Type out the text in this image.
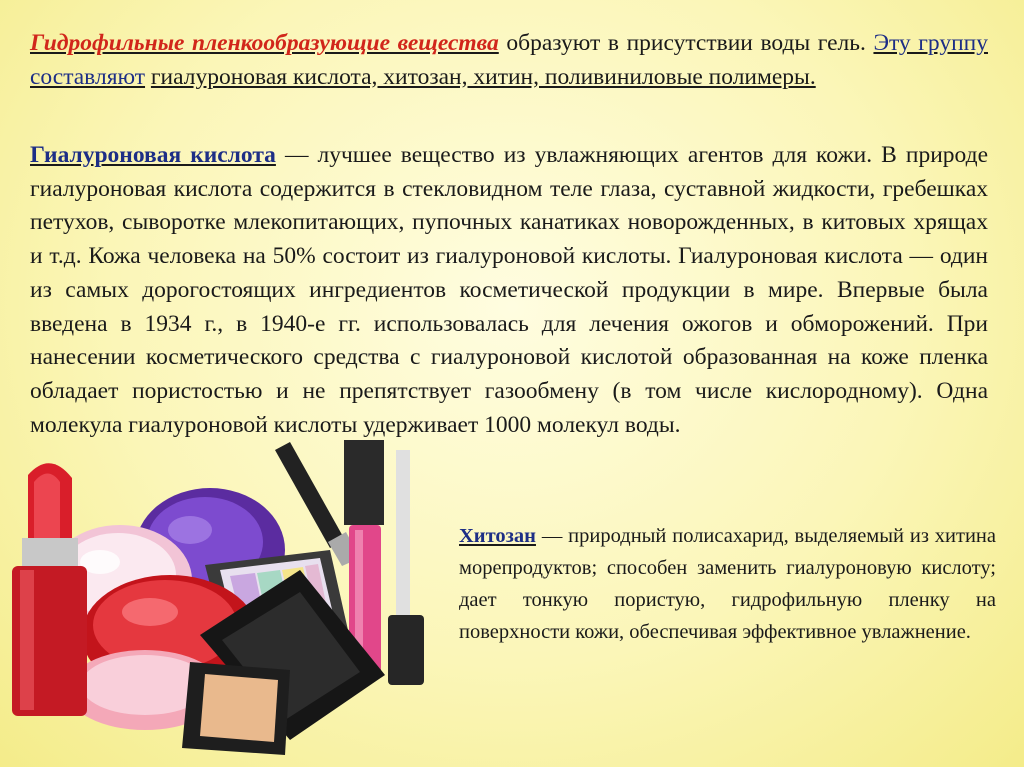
Гидрофильные пленкообразующие вещества образуют в присутствии воды гель. Эту группу составляют гиалуроновая кислота, хитозан, хитин, поливиниловые полимеры.

Гиалуроновая кислота — лучшее вещество из увлажняющих агентов для кожи. В природе гиалуроновая кислота содержится в стекловидном теле глаза, суставной жидкости, гребешках петухов, сыворотке млекопитающих, пупочных канатиках новорожденных, в китовых хрящах и т.д. Кожа человека на 50% состоит из гиалуроновой кислоты. Гиалуроновая кислота — один из самых дорогостоящих ингредиентов косметической продукции в мире. Впервые была введена в 1934 г., в 1940-е гг. использовалась для лечения ожогов и обморожений. При нанесении косметического средства с гиалуроновой кислотой образованная на коже пленка обладает пористостью и не препятствует газообмену (в том числе кислородному). Одна молекула гиалуроновой кислоты удерживает 1000 молекул воды.

Хитозан — природный полисахарид, выделяемый из хитина морепродуктов; способен заменить гиалуроновую кислоту; дает тонкую пористую, гидрофильную пленку на поверхности кожи, обеспечивая эффективное увлажнение.
